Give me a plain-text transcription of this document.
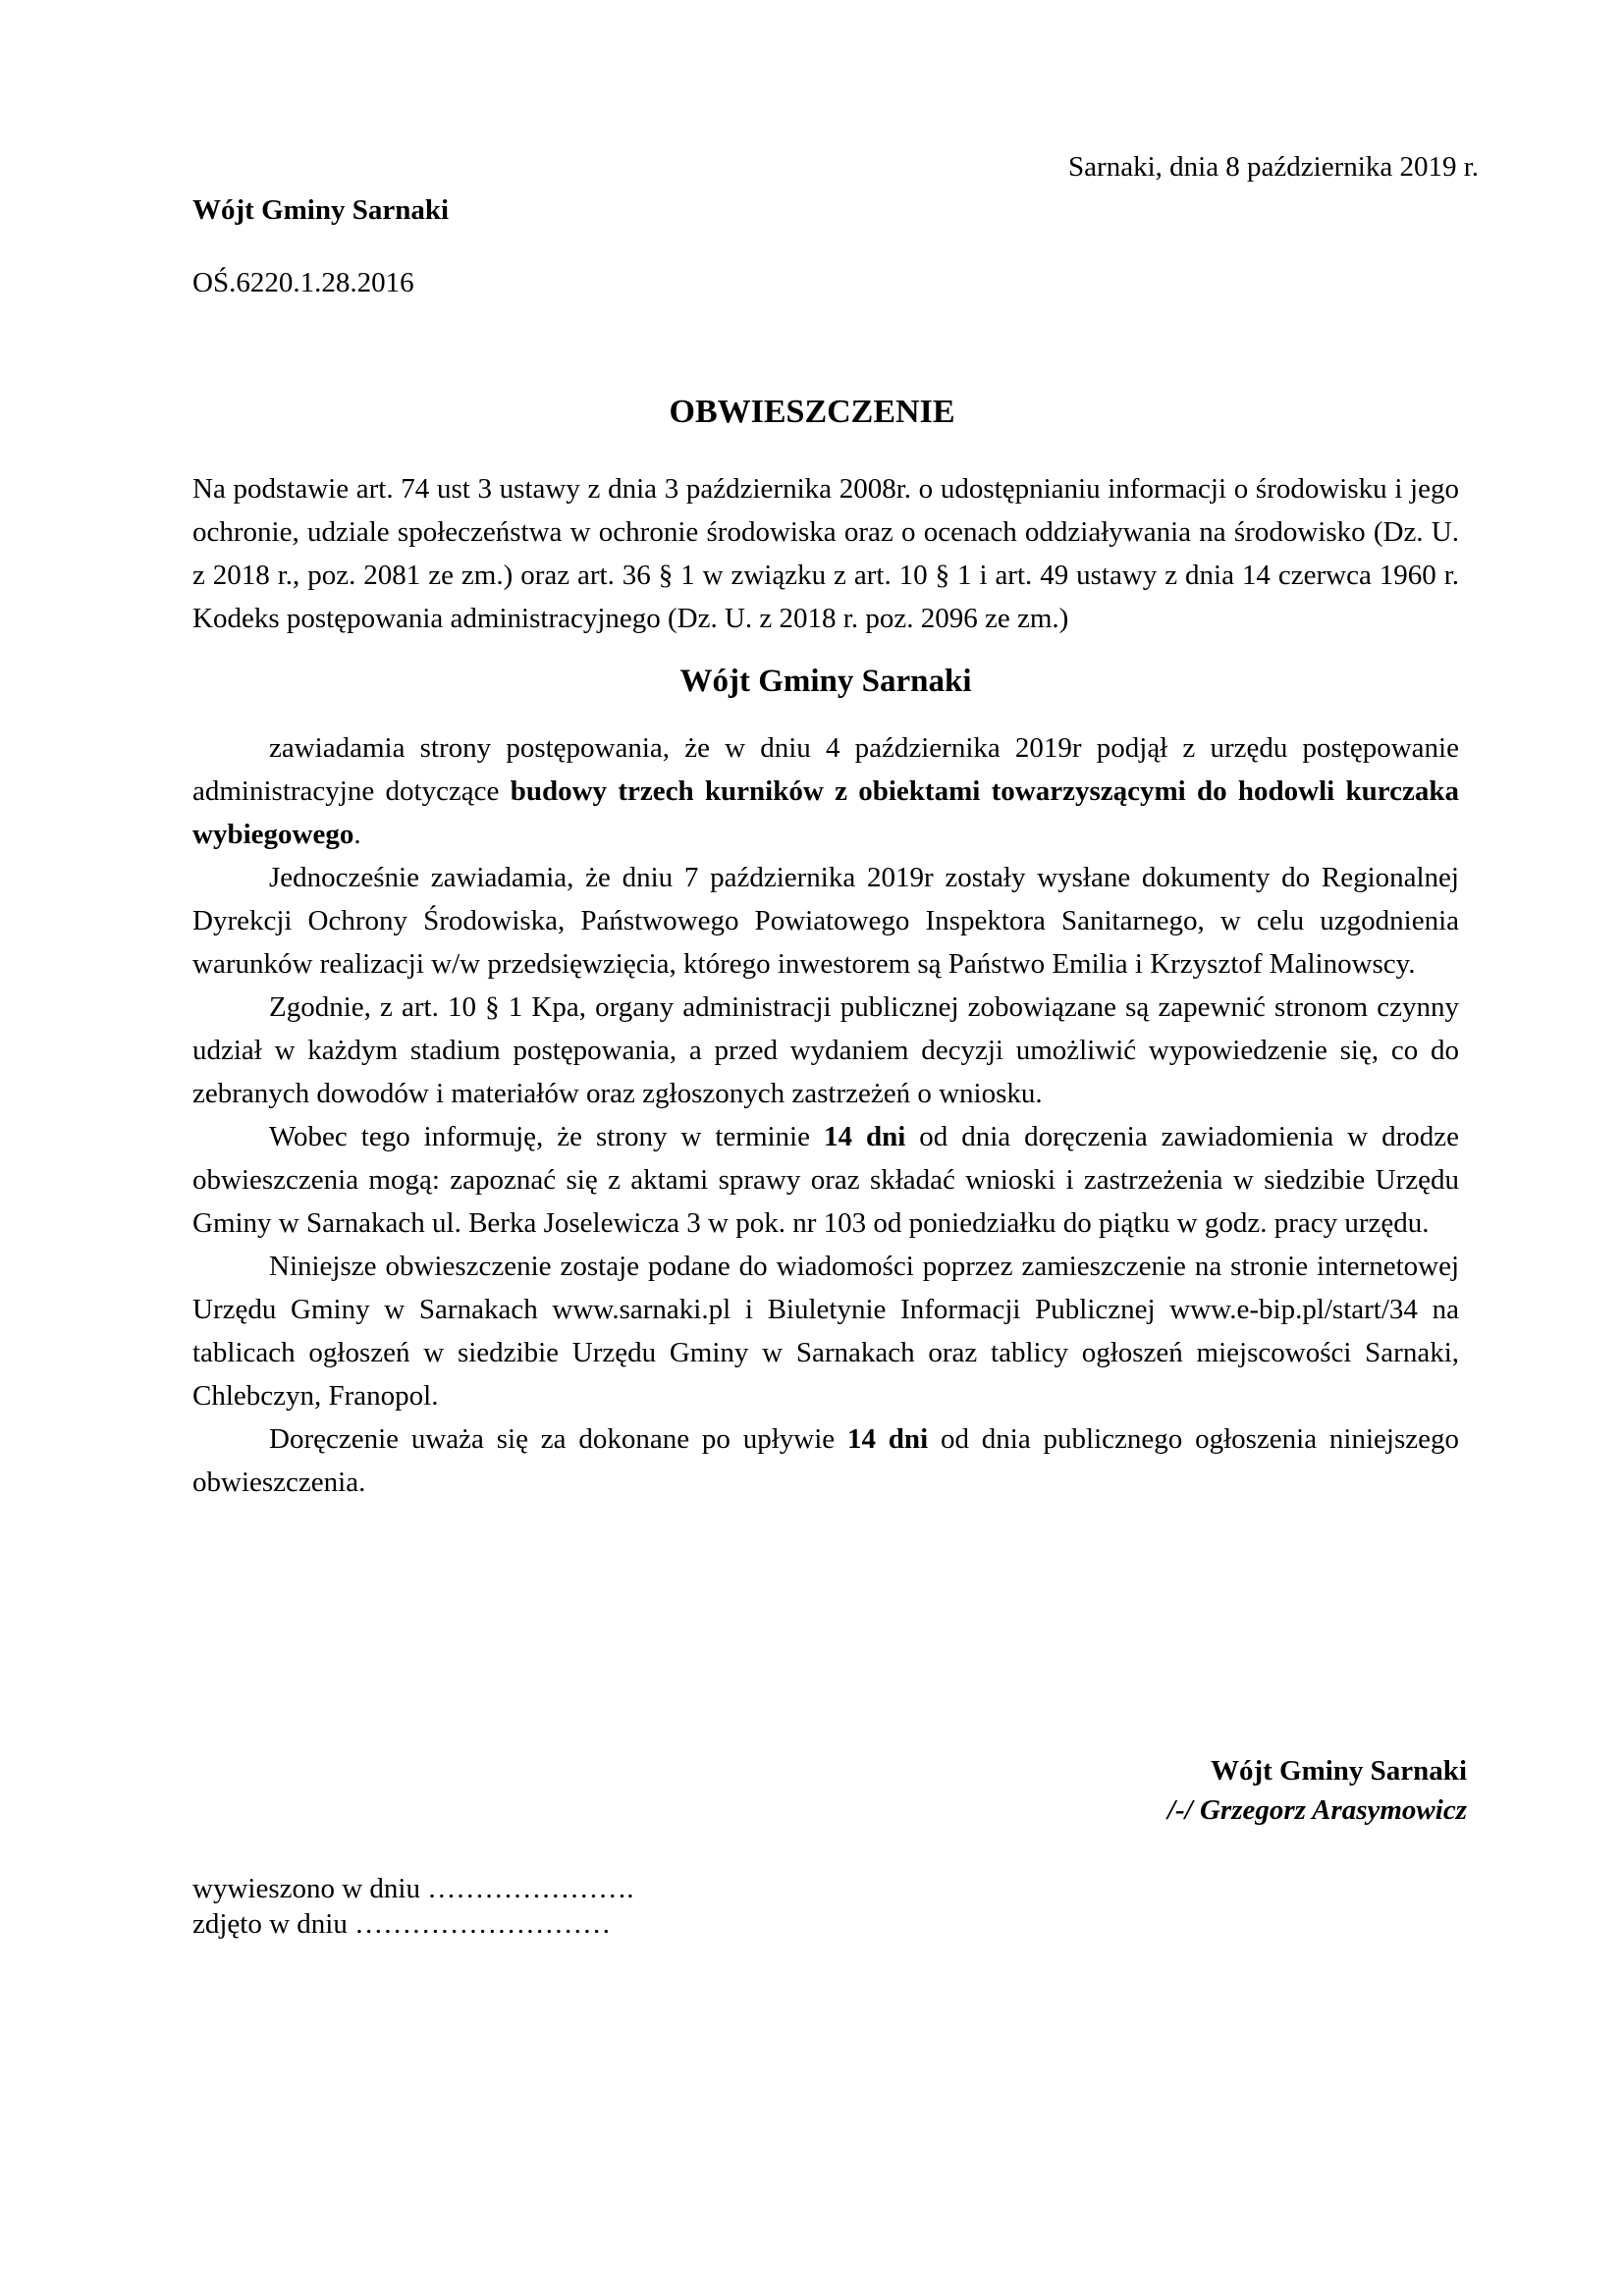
Sarnaki, dnia 8 października 2019 r.
Wójt Gminy Sarnaki
OŚ.6220.1.28.2016
OBWIESZCZENIE

Na podstawie art. 74 ust 3 ustawy z dnia 3 października 2008r. o udostępnianiu informacji o środowisku i jego ochronie, udziale społeczeństwa w ochronie środowiska oraz o ocenach oddziaływania na środowisko (Dz. U. z 2018 r., poz. 2081 ze zm.) oraz art. 36 § 1 w związku z art. 10 § 1 i art. 49 ustawy z dnia 14 czerwca 1960 r. Kodeks postępowania administracyjnego (Dz. U. z 2018 r. poz. 2096 ze zm.)

Wójt Gminy Sarnaki

zawiadamia strony postępowania, że w dniu 4 października 2019r podjął z urzędu postępowanie administracyjne dotyczące budowy trzech kurników z obiektami towarzyszącymi do hodowli kurczaka wybiegowego.

Jednocześnie zawiadamia, że dniu 7 października 2019r zostały wysłane dokumenty do Regionalnej Dyrekcji Ochrony Środowiska, Państwowego Powiatowego Inspektora Sanitarnego, w celu uzgodnienia warunków realizacji w/w przedsięwzięcia, którego inwestorem są Państwo Emilia i Krzysztof Malinowscy.

Zgodnie, z art. 10 § 1 Kpa, organy administracji publicznej zobowiązane są zapewnić stronom czynny udział w każdym stadium postępowania, a przed wydaniem decyzji umożliwić wypowiedzenie się, co do zebranych dowodów i materiałów oraz zgłoszonych zastrzeżeń o wniosku.

Wobec tego informuję, że strony w terminie 14 dni od dnia doręczenia zawiadomienia w drodze obwieszczenia mogą: zapoznać się z aktami sprawy oraz składać wnioski i zastrzeżenia w siedzibie Urzędu Gminy w Sarnakach ul. Berka Joselewicza 3 w pok. nr 103 od poniedziałku do piątku w godz. pracy urzędu.

Niniejsze obwieszczenie zostaje podane do wiadomości poprzez zamieszczenie na stronie internetowej Urzędu Gminy w Sarnakach www.sarnaki.pl i Biuletynie Informacji Publicznej www.e-bip.pl/start/34 na tablicach ogłoszeń w siedzibie Urzędu Gminy w Sarnakach oraz tablicy ogłoszeń miejscowości Sarnaki, Chlebczyn, Franopol.

Doręczenie uważa się za dokonane po upływie 14 dni od dnia publicznego ogłoszenia niniejszego obwieszczenia.

Wójt Gminy Sarnaki
/-/ Grzegorz Arasymowicz
wywieszono w dniu ………………….
zdjęto w dniu ………………………
